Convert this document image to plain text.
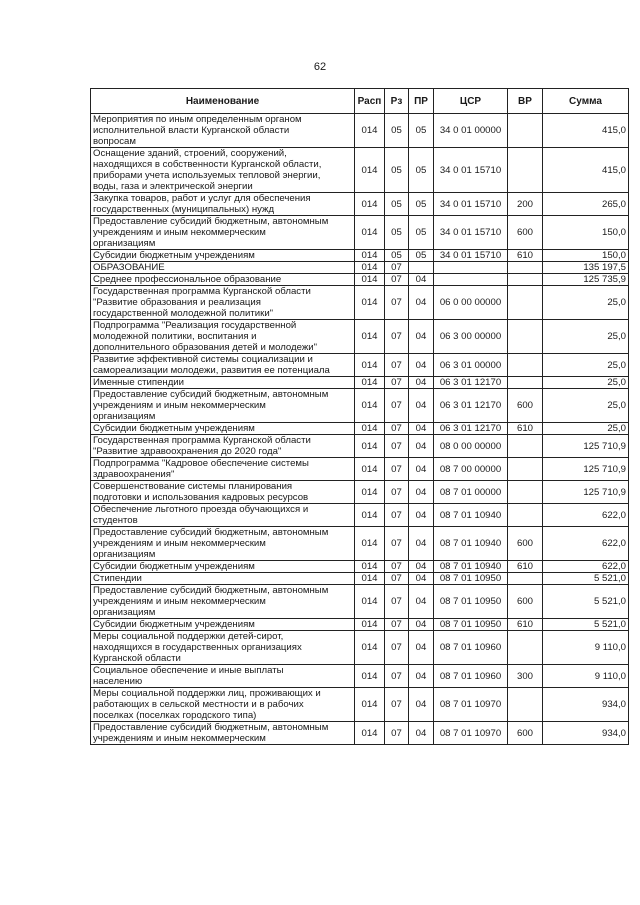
62
Наименование	Расп	Рз	ПР	ЦСР	ВР	Сумма

Мероприятия по иным определенным органом
исполнительной власти Курганской области
вопросам	014	05	05	34 0 01 00000		415,0

Оснащение зданий, строений, сооружений,
находящихся в собственности Курганской области,
приборами учета используемых тепловой энергии,
воды, газа и электрической энергии	014	05	05	34 0 01 15710		415,0

Закупка товаров, работ и услуг для обеспечения
государственных (муниципальных) нужд	014	05	05	34 0 01 15710	200	265,0

Предоставление субсидий бюджетным, автономным
учреждениям и иным некоммерческим
организациям	014	05	05	34 0 01 15710	600	150,0

Субсидии бюджетным учреждениям	014	05	05	34 0 01 15710	610	150,0

ОБРАЗОВАНИЕ	014	07				135 197,5

Среднее профессиональное образование	014	07	04			125 735,9

Государственная программа Курганской области
"Развитие образования и реализация
государственной молодежной политики"	014	07	04	06 0 00 00000		25,0

Подпрограмма "Реализация государственной
молодежной политики, воспитания и
дополнительного образования детей и молодежи"	014	07	04	06 3 00 00000		25,0

Развитие эффективной системы социализации и
самореализации молодежи, развития ее потенциала	014	07	04	06 3 01 00000		25,0

Именные стипендии	014	07	04	06 3 01 12170		25,0

Предоставление субсидий бюджетным, автономным
учреждениям и иным некоммерческим
организациям	014	07	04	06 3 01 12170	600	25,0

Субсидии бюджетным учреждениям	014	07	04	06 3 01 12170	610	25,0

Государственная программа Курганской области
"Развитие здравоохранения до 2020 года"	014	07	04	08 0 00 00000		125 710,9

Подпрограмма "Кадровое обеспечение системы
здравоохранения"	014	07	04	08 7 00 00000		125 710,9

Совершенствование системы планирования
подготовки и использования кадровых ресурсов	014	07	04	08 7 01 00000		125 710,9

Обеспечение льготного проезда обучающихся и
студентов	014	07	04	08 7 01 10940		622,0

Предоставление субсидий бюджетным, автономным
учреждениям и иным некоммерческим
организациям	014	07	04	08 7 01 10940	600	622,0

Субсидии бюджетным учреждениям	014	07	04	08 7 01 10940	610	622,0

Стипендии	014	07	04	08 7 01 10950		5 521,0

Предоставление субсидий бюджетным, автономным
учреждениям и иным некоммерческим
организациям	014	07	04	08 7 01 10950	600	5 521,0

Субсидии бюджетным учреждениям	014	07	04	08 7 01 10950	610	5 521,0

Меры социальной поддержки детей-сирот,
находящихся в государственных организациях
Курганской области	014	07	04	08 7 01 10960		9 110,0

Социальное обеспечение и иные выплаты
населению	014	07	04	08 7 01 10960	300	9 110,0

Меры социальной поддержки лиц, проживающих и
работающих в сельской местности и в рабочих
поселках (поселках городского типа)	014	07	04	08 7 01 10970		934,0

Предоставление субсидий бюджетным, автономным
учреждениям и иным некоммерческим	014	07	04	08 7 01 10970	600	934,0
